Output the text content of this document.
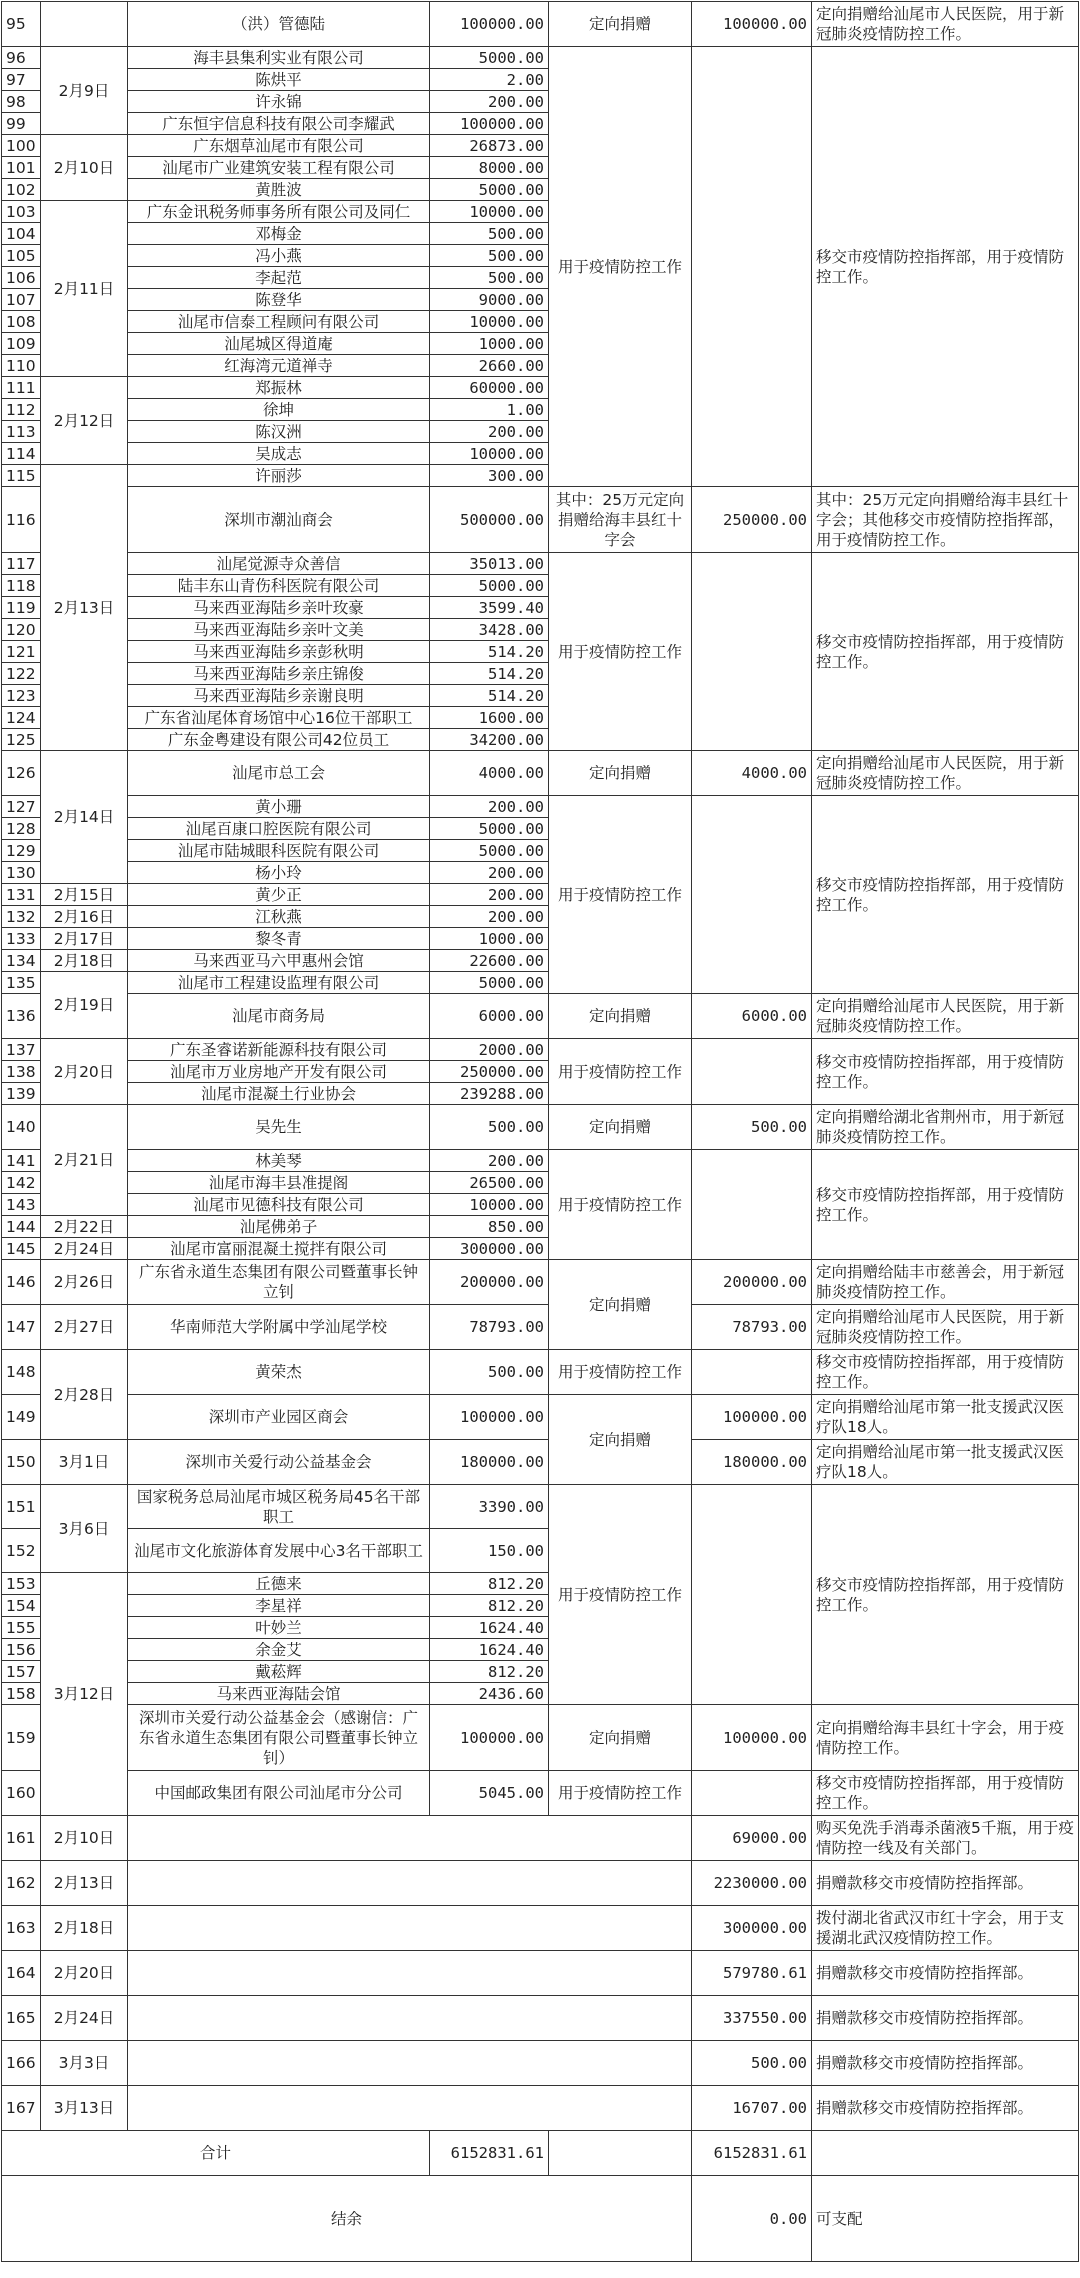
95		（洪）管德陆	100000.00	定向捐赠	100000.00	定向捐赠给汕尾市人民医院，用于新冠肺炎疫情防控工作。
96	2月9日	海丰县集利实业有限公司	5000.00	用于疫情防控工作		移交市疫情防控指挥部，用于疫情防控工作。
97		陈烘平	2.00			
98		许永锦	200.00			
99		广东恒宇信息科技有限公司李耀武	100000.00			
100	2月10日	广东烟草汕尾市有限公司	26873.00			
101		汕尾市广业建筑安装工程有限公司	8000.00			
102		黄胜波	5000.00			
103	2月11日	广东金讯税务师事务所有限公司及同仁	10000.00			
104		邓梅金	500.00			
105		冯小燕	500.00			
106		李起范	500.00			
107		陈登华	9000.00			
108		汕尾市信泰工程顾问有限公司	10000.00			
109		汕尾城区得道庵	1000.00			
110		红海湾元道禅寺	2660.00			
111	2月12日	郑振林	60000.00			
112		徐坤	1.00			
113		陈汉洲	200.00			
114		吴成志	10000.00			
115	2月13日	许丽莎	300.00			
116		深圳市潮汕商会	500000.00	其中：25万元定向捐赠给海丰县红十字会	250000.00	其中：25万元定向捐赠给海丰县红十字会；其他移交市疫情防控指挥部，用于疫情防控工作。
117		汕尾觉源寺众善信	35013.00	用于疫情防控工作		移交市疫情防控指挥部，用于疫情防控工作。
118		陆丰东山青伤科医院有限公司	5000.00			
119		马来西亚海陆乡亲叶玫豪	3599.40			
120		马来西亚海陆乡亲叶文美	3428.00			
121		马来西亚海陆乡亲彭秋明	514.20			
122		马来西亚海陆乡亲庄锦俊	514.20			
123		马来西亚海陆乡亲谢良明	514.20			
124		广东省汕尾体育场馆中心16位干部职工	1600.00			
125		广东金粤建设有限公司42位员工	34200.00			
126	2月14日	汕尾市总工会	4000.00	定向捐赠	4000.00	定向捐赠给汕尾市人民医院，用于新冠肺炎疫情防控工作。
127		黄小珊	200.00	用于疫情防控工作		移交市疫情防控指挥部，用于疫情防控工作。
128		汕尾百康口腔医院有限公司	5000.00			
129		汕尾市陆城眼科医院有限公司	5000.00			
130		杨小玲	200.00			
131	2月15日	黄少正	200.00			
132	2月16日	江秋燕	200.00			
133	2月17日	黎冬青	1000.00			
134	2月18日	马来西亚马六甲惠州会馆	22600.00			
135	2月19日	汕尾市工程建设监理有限公司	5000.00			
136		汕尾市商务局	6000.00	定向捐赠	6000.00	定向捐赠给汕尾市人民医院，用于新冠肺炎疫情防控工作。
137	2月20日	广东圣睿诺新能源科技有限公司	2000.00	用于疫情防控工作		移交市疫情防控指挥部，用于疫情防控工作。
138		汕尾市万业房地产开发有限公司	250000.00			
139		汕尾市混凝土行业协会	239288.00			
140	2月21日	吴先生	500.00	定向捐赠	500.00	定向捐赠给湖北省荆州市，用于新冠肺炎疫情防控工作。
141		林美琴	200.00	用于疫情防控工作		移交市疫情防控指挥部，用于疫情防控工作。
142		汕尾市海丰县准提阁	26500.00			
143		汕尾市见德科技有限公司	10000.00			
144	2月22日	汕尾佛弟子	850.00			
145	2月24日	汕尾市富丽混凝土搅拌有限公司	300000.00			
146	2月26日	广东省永道生态集团有限公司暨董事长钟立钊	200000.00	定向捐赠	200000.00	定向捐赠给陆丰市慈善会，用于新冠肺炎疫情防控工作。
147	2月27日	华南师范大学附属中学汕尾学校	78793.00		78793.00	定向捐赠给汕尾市人民医院，用于新冠肺炎疫情防控工作。
148	2月28日	黄荣杰	500.00	用于疫情防控工作		移交市疫情防控指挥部，用于疫情防控工作。
149		深圳市产业园区商会	100000.00	定向捐赠	100000.00	定向捐赠给汕尾市第一批支援武汉医疗队18人。
150	3月1日	深圳市关爱行动公益基金会	180000.00		180000.00	定向捐赠给汕尾市第一批支援武汉医疗队18人。
151	3月6日	国家税务总局汕尾市城区税务局45名干部职工	3390.00	用于疫情防控工作		移交市疫情防控指挥部，用于疫情防控工作。
152		汕尾市文化旅游体育发展中心3名干部职工	150.00			
153	3月12日	丘德来	812.20			
154		李星祥	812.20			
155		叶妙兰	1624.40			
156		余金艾	1624.40			
157		戴菘辉	812.20			
158		马来西亚海陆会馆	2436.60			
159		深圳市关爱行动公益基金会（感谢信：广东省永道生态集团有限公司暨董事长钟立钊）	100000.00	定向捐赠	100000.00	定向捐赠给海丰县红十字会，用于疫情防控工作。
160		中国邮政集团有限公司汕尾市分公司	5045.00	用于疫情防控工作		移交市疫情防控指挥部，用于疫情防控工作。
161	2月10日				69000.00	购买免洗手消毒杀菌液5千瓶，用于疫情防控一线及有关部门。
162	2月13日				2230000.00	捐赠款移交市疫情防控指挥部。
163	2月18日				300000.00	拨付湖北省武汉市红十字会，用于支援湖北武汉疫情防控工作。
164	2月20日				579780.61	捐赠款移交市疫情防控指挥部。
165	2月24日				337550.00	捐赠款移交市疫情防控指挥部。
166	3月3日				500.00	捐赠款移交市疫情防控指挥部。
167	3月13日				16707.00	捐赠款移交市疫情防控指挥部。
合计			6152831.61		6152831.61	
结余					0.00	可支配
